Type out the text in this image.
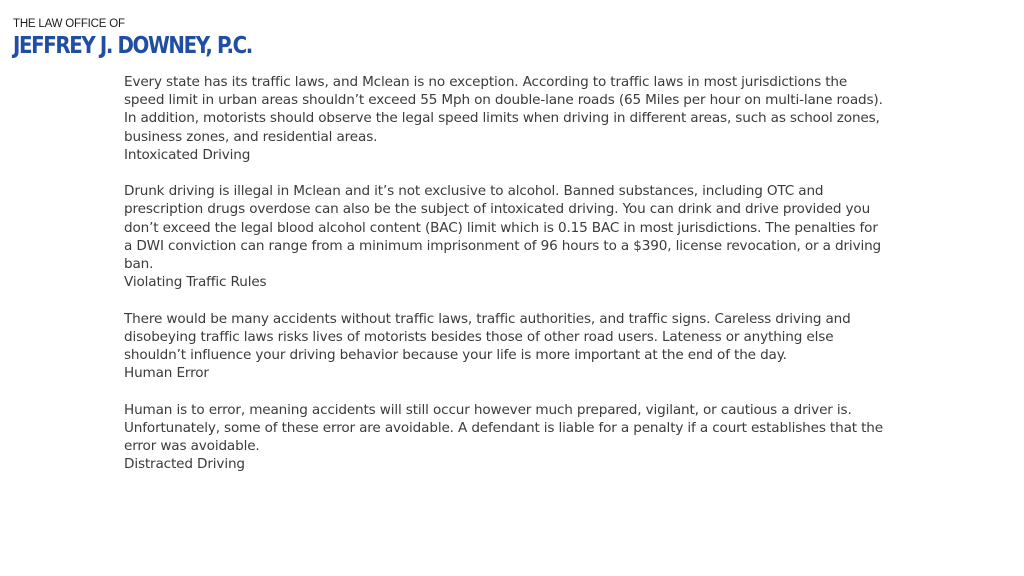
THE LAW OFFICE OF
JEFFREY J. DOWNEY, P.C.

Every state has its traffic laws, and Mclean is no exception. According to traffic laws in most jurisdictions the speed limit in urban areas shouldn’t exceed 55 Mph on double-lane roads (65 Miles per hour on multi-lane roads). In addition, motorists should observe the legal speed limits when driving in different areas, such as school zones, business zones, and residential areas.

Intoxicated Driving

Drunk driving is illegal in Mclean and it’s not exclusive to alcohol. Banned substances, including OTC and prescription drugs overdose can also be the subject of intoxicated driving. You can drink and drive provided you don’t exceed the legal blood alcohol content (BAC) limit which is 0.15 BAC in most jurisdictions. The penalties for a DWI conviction can range from a minimum imprisonment of 96 hours to a $390, license revocation, or a driving ban.

Violating Traffic Rules

There would be many accidents without traffic laws, traffic authorities, and traffic signs. Careless driving and disobeying traffic laws risks lives of motorists besides those of other road users. Lateness or anything else shouldn’t influence your driving behavior because your life is more important at the end of the day.

Human Error

Human is to error, meaning accidents will still occur however much prepared, vigilant, or cautious a driver is. Unfortunately, some of these error are avoidable. A defendant is liable for a penalty if a court establishes that the error was avoidable.

Distracted Driving
